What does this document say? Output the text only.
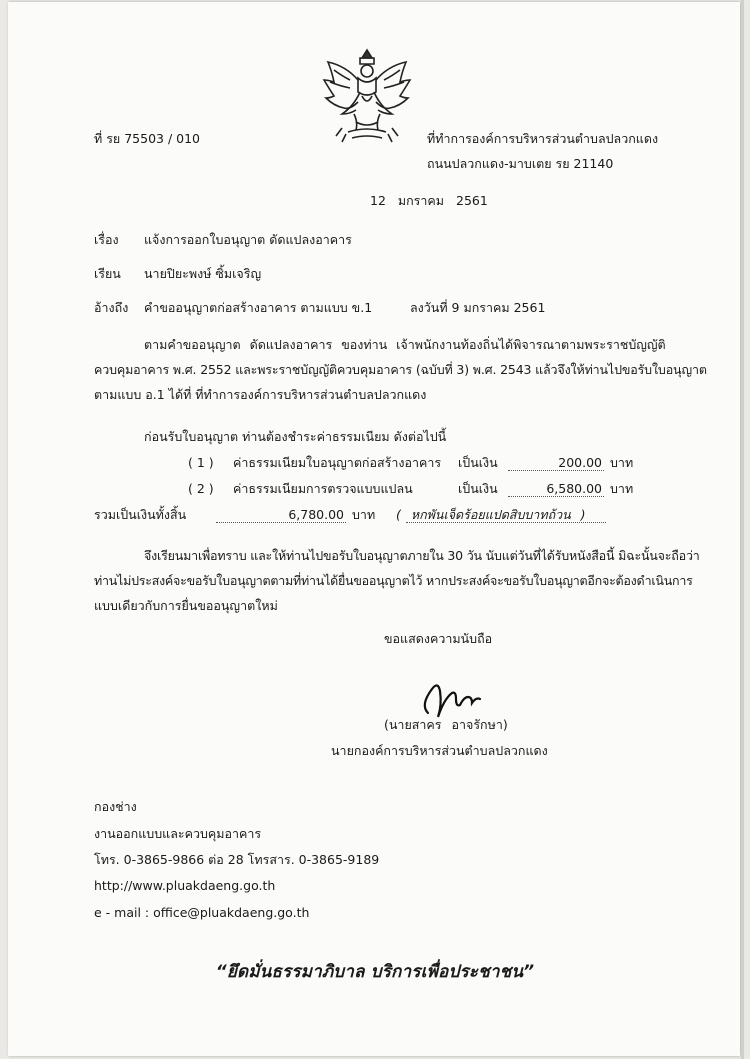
ที่ รย 75503 / 010	ที่ทำการองค์การบริหารส่วนตำบลปลวกแดง
ถนนปลวกแดง-มาบเตย รย 21140
12 มกราคม 2561
เรื่อง แจ้งการออกใบอนุญาต ดัดแปลงอาคาร
เรียน นายปิยะพงษ์ ซิ้มเจริญ
อ้างถึง คำขออนุญาตก่อสร้างอาคาร ตามแบบ ข.1	ลงวันที่ 9 มกราคม 2561
ตามคำขออนุญาต ดัดแปลงอาคาร ของท่าน เจ้าพนักงานท้องถิ่นได้พิจารณาตามพระราชบัญญัติ
ควบคุมอาคาร พ.ศ. 2552 และพระราชบัญญัติควบคุมอาคาร (ฉบับที่ 3) พ.ศ. 2543 แล้วจึงให้ท่านไปขอรับใบอนุญาต
ตามแบบ อ.1 ได้ที่ ที่ทำการองค์การบริหารส่วนตำบลปลวกแดง
ก่อนรับใบอนุญาต ท่านต้องชำระค่าธรรมเนียม ดังต่อไปนี้
( 1 ) ค่าธรรมเนียมใบอนุญาตก่อสร้างอาคาร เป็นเงิน	200.00 บาท
( 2 ) ค่าธรรมเนียมการตรวจแบบแปลน	เป็นเงิน	6,580.00 บาท
รวมเป็นเงินทั้งสิ้น	6,780.00 บาท ( หกพันเจ็ดร้อยแปดสิบบาทถ้วน )
จึงเรียนมาเพื่อทราบ และให้ท่านไปขอรับใบอนุญาตภายใน 30 วัน นับแต่วันที่ได้รับหนังสือนี้ มิฉะนั้นจะถือว่า
ท่านไม่ประสงค์จะขอรับใบอนุญาตตามที่ท่านได้ยื่นขออนุญาตไว้ หากประสงค์จะขอรับใบอนุญาตอีกจะต้องดำเนินการ
แบบเดียวกับการยื่นขออนุญาตใหม่
ขอแสดงความนับถือ
(นายสาคร อาจรักษา)
นายกองค์การบริหารส่วนตำบลปลวกแดง
กองช่าง
งานออกแบบและควบคุมอาคาร
โทร. 0-3865-9866 ต่อ 28 โทรสาร. 0-3865-9189
http://www.pluakdaeng.go.th
e - mail : office@pluakdaeng.go.th
“ยึดมั่นธรรมาภิบาล บริการเพื่อประชาชน”
